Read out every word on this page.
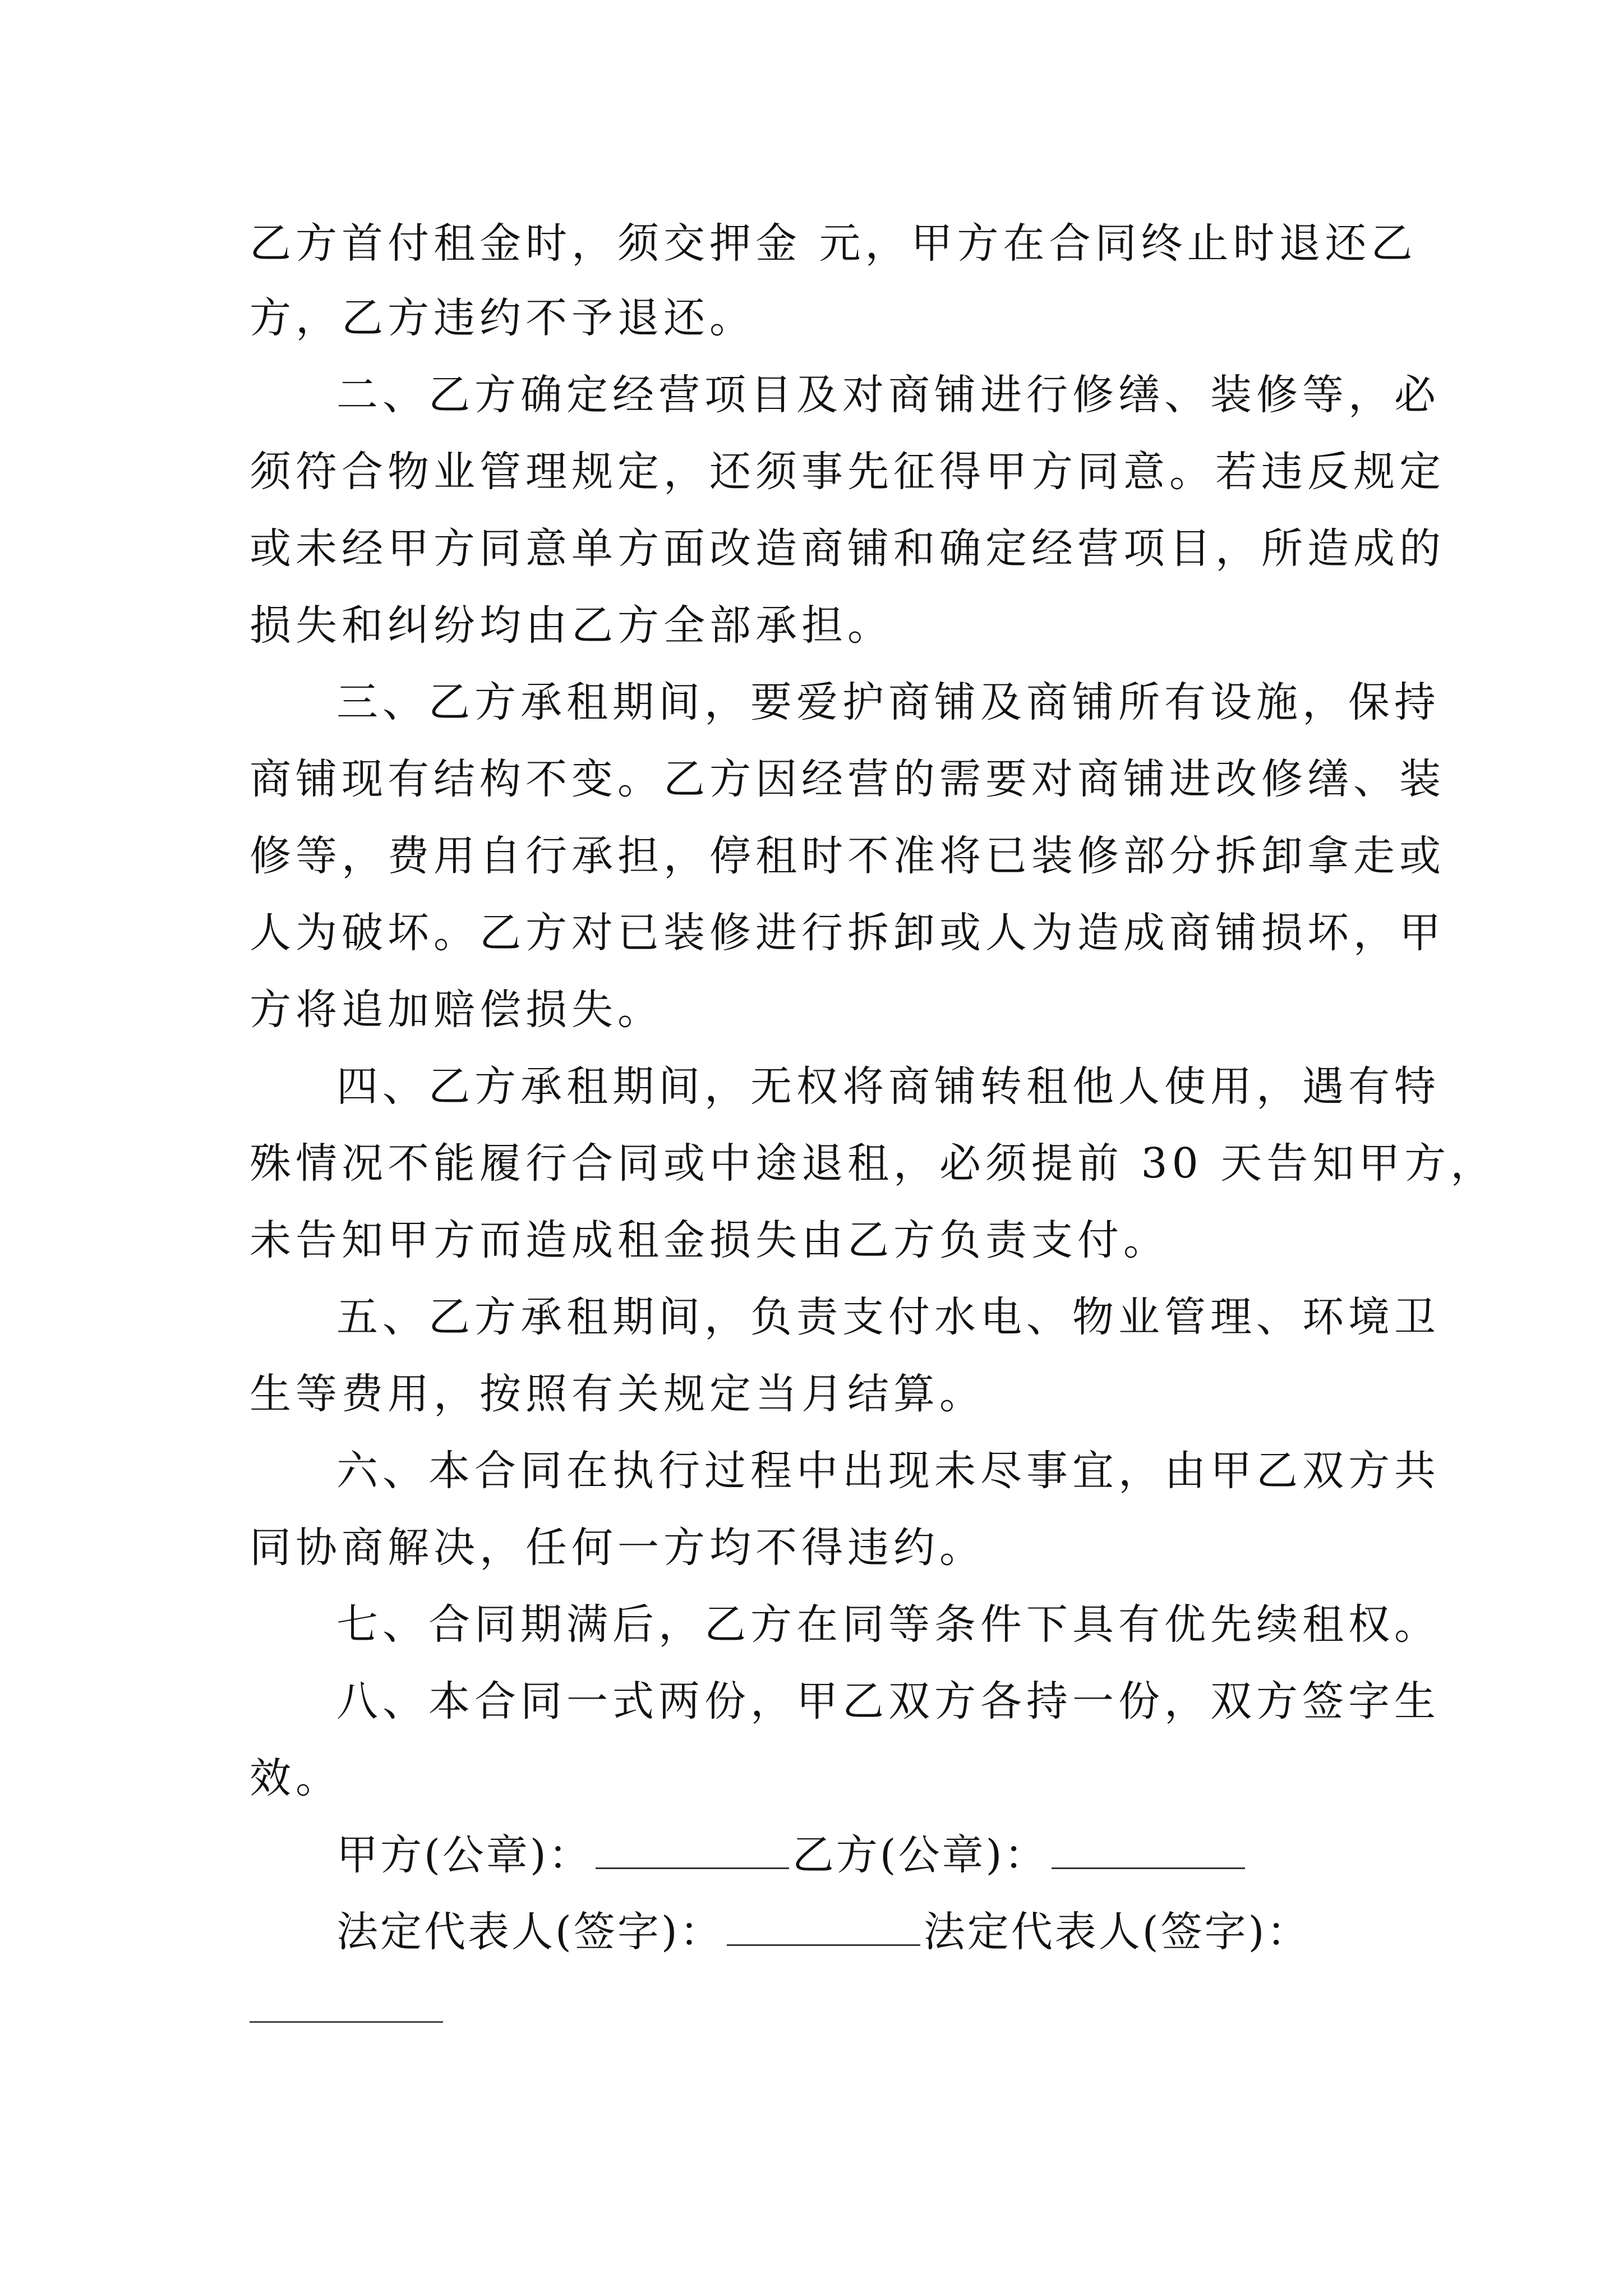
乙方首付租金时，须交押金 元，甲方在合同终止时退还乙
方，乙方违约不予退还。
二、乙方确定经营项目及对商铺进行修缮、装修等，必
须符合物业管理规定，还须事先征得甲方同意。若违反规定
或未经甲方同意单方面改造商铺和确定经营项目，所造成的
损失和纠纷均由乙方全部承担。
三、乙方承租期间，要爱护商铺及商铺所有设施，保持
商铺现有结构不变。乙方因经营的需要对商铺进改修缮、装
修等，费用自行承担，停租时不准将已装修部分拆卸拿走或
人为破坏。乙方对已装修进行拆卸或人为造成商铺损坏，甲
方将追加赔偿损失。
四、乙方承租期间，无权将商铺转租他人使用，遇有特
殊情况不能履行合同或中途退租，必须提前 30 天告知甲方，
未告知甲方而造成租金损失由乙方负责支付。
五、乙方承租期间，负责支付水电、物业管理、环境卫
生等费用，按照有关规定当月结算。
六、本合同在执行过程中出现未尽事宜，由甲乙双方共
同协商解决，任何一方均不得违约。
七、合同期满后，乙方在同等条件下具有优先续租权。
八、本合同一式两份，甲乙双方各持一份，双方签字生
效。
甲方(公章)：	乙方(公章)：
法定代表人(签字)：	法定代表人(签字)：
